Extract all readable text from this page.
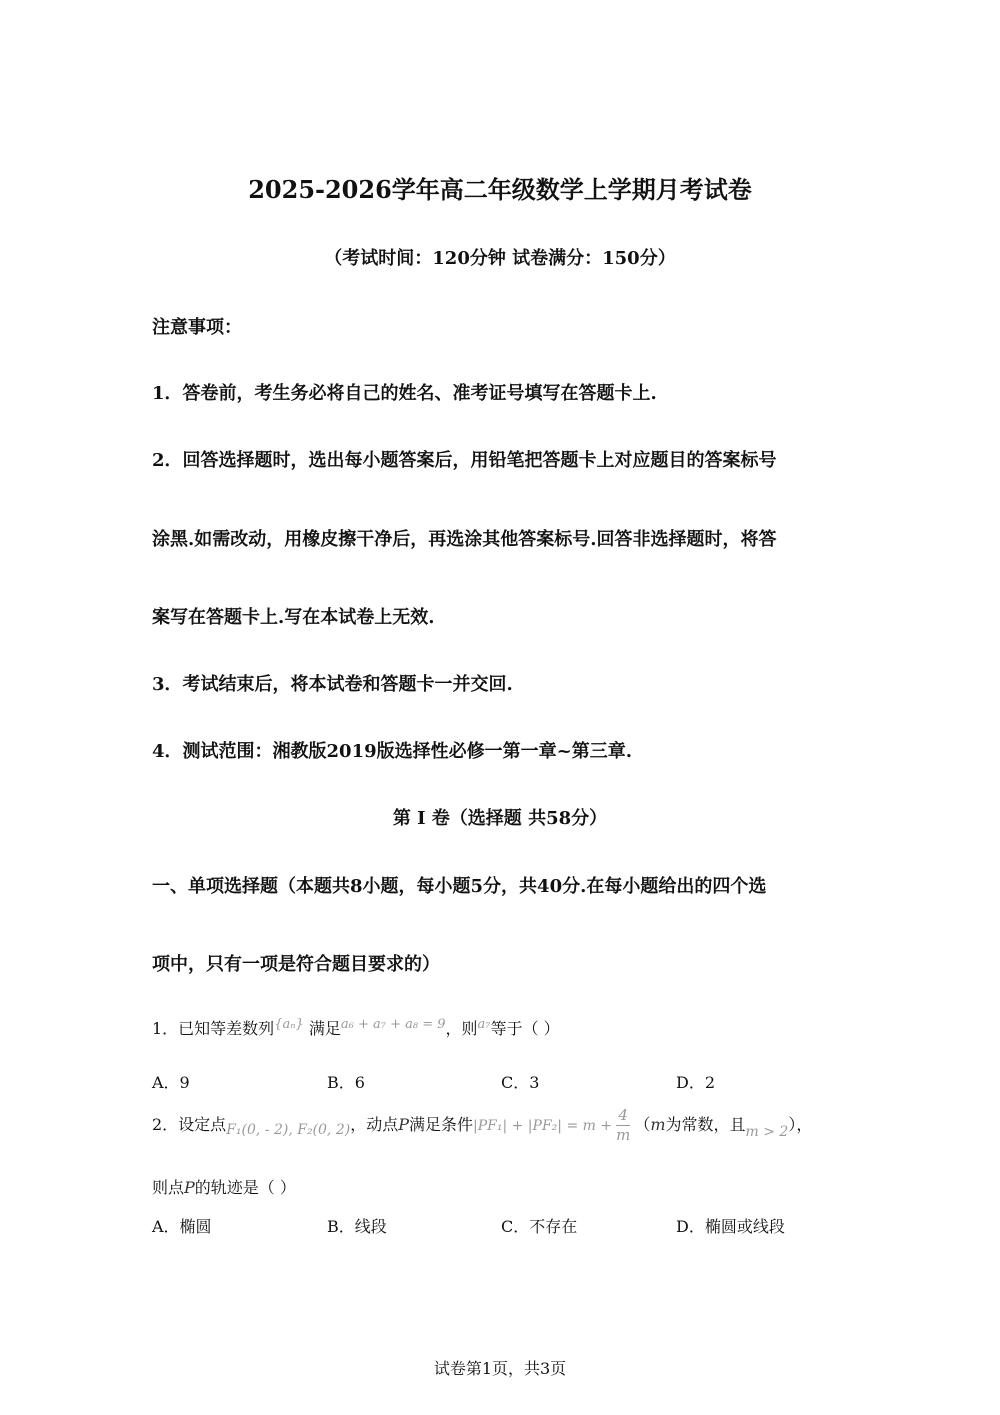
2025-2026学年高二年级数学上学期月考试卷
（考试时间：120分钟 试卷满分：150分）
注意事项：
1．答卷前，考生务必将自己的姓名、准考证号填写在答题卡上.
2．回答选择题时，选出每小题答案后，用铅笔把答题卡上对应题目的答案标号
涂黑.如需改动，用橡皮擦干净后，再选涂其他答案标号.回答非选择题时，将答
案写在答题卡上.写在本试卷上无效.
3．考试结束后，将本试卷和答题卡一并交回.
4．测试范围：湘教版2019版选择性必修一第一章~第三章.
第 I 卷（选择题 共58分）
一、单项选择题（本题共8小题，每小题5分，共40分.在每小题给出的四个选
项中，只有一项是符合题目要求的）
1．已知等差数列$^{\{a_n\}}$ 满足$^{a_6 + a_7 + a_8 = 9}$，则$^{a_7}$等于（ ）
A．9	B．6	C．3	D．2
2．设定点F₁(0, - 2), F₂(0, 2)，动点P满足条件$|PF_1| + |PF_2| = m + \frac{4}{m} (m$为常数，且m > 2），
则点P的轨迹是（ ）
A．椭圆	B．线段	C．不存在	D．椭圆或线段
试卷第1页，共3页
